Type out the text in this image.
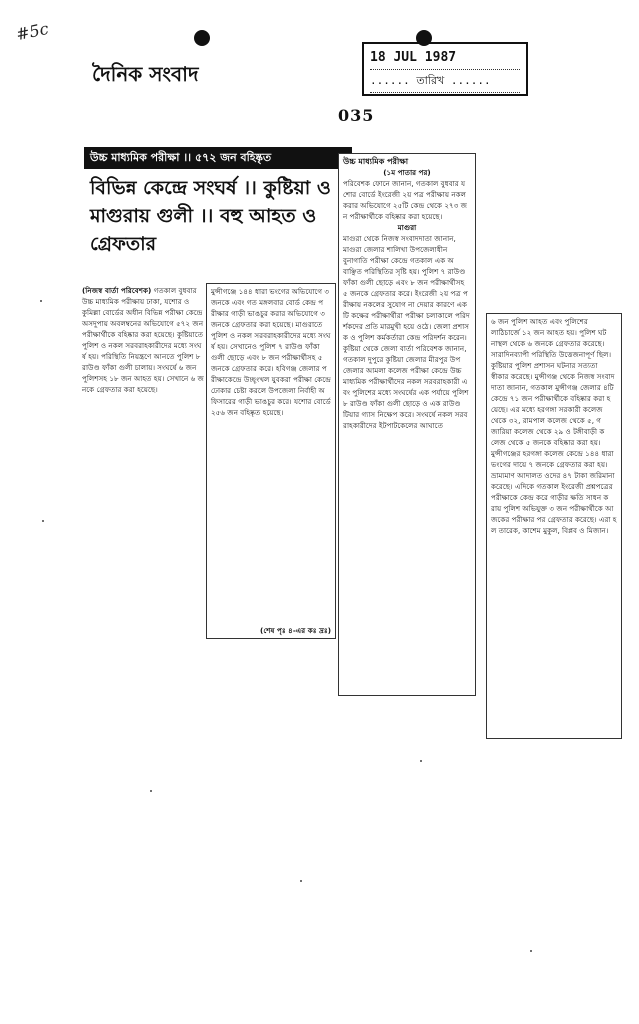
#5c
দৈনিক সংবাদ
18 JUL 1987
...... তারিখ ......
035
উচ্চ মাধ্যমিক পরীক্ষা ।। ৫৭২ জন বহিষ্কৃত
বিভিন্ন কেন্দ্রে সংঘর্ষ ।। কুষ্টিয়া ও মাগুরায় গুলী ।। বহু আহত ও গ্রেফতার
(নিজস্ব বার্তা পরিবেশক) গতকাল বুধবার উচ্চ মাধ্যমিক পরীক্ষায় ঢাকা, যশোর ও কুমিল্লা বোর্ডের অধীন বিভিন্ন পরীক্ষা কেন্দ্রে অসদুপায় অবলম্বনের অভিযোগে ৫৭২ জন পরীক্ষার্থীকে বহিষ্কার করা হয়েছে। কুষ্টিয়াতে পুলিশ ও নকল সরবরাহকারীদের মধ্যে সংঘর্ষ হয়। পরিস্থিতি নিয়ন্ত্রণে আনতে পুলিশ ৮ রাউণ্ড ফাঁকা গুলী চালায়। সংঘর্ষে ৬ জন পুলিশসহ ১৮ জন আহত হয়। সেখানে ৬ জনকে গ্রেফতার করা হয়েছে।
মুন্সীগঞ্জে ১৪৪ ধারা ভংগের অভিযোগে ৩ জনকে এবং গত মঙ্গলবার বোর্ড কেন্দ্র পরীক্ষার গাড়ী ভাঙচুর করার অভিযোগে ৩ জনকে গ্রেফতার করা হয়েছে। মাগুরাতে পুলিশ ও নকল সরবরাহকারীদের মধ্যে সংঘর্ষ হয়। সেখানেও পুলিশ ৭ রাউণ্ড ফাঁকা গুলী ছোড়ে এবং ৮ জন পরীক্ষার্থীসহ ৫ জনকে গ্রেফতার করে। হবিগঞ্জ জেলার পরীক্ষাকেন্দ্রে উচ্ছৃংখল যুবকরা পরীক্ষা কেন্দ্রে ঢোকার চেষ্টা করলে উপজেলা নির্বাহী অফিসারের গাড়ী ভাঙচুর করে। যশোর বোর্ডে ২৫৬ জন বহিষ্কৃত হয়েছে।
(শেষ পৃঃ ৪-এর কঃ দ্রঃ)
উচ্চ মাধ্যমিক পরীক্ষা

(১ম পাতার পর)
পরিবেশক ফোনে জানান, গতকাল বুধবার যশোর বোর্ডে ইংরেজী ২য় পত্র পরীক্ষায় নকল করার অভিযোগে ২৫টি কেন্দ্র থেকে ২৭৩ জন পরীক্ষার্থীকে বহিষ্কার করা হয়েছে।
মাগুরা
মাগুরা থেকে নিজস্ব সংবাদদাতা জানান, মাগুরা জেলার শালিখা উপজেলাধীন বুনাগাতি পরীক্ষা কেন্দ্রে গতকাল এক অবাঞ্ছিত পরিস্থিতির সৃষ্টি হয়। পুলিশ ৭ রাউণ্ড ফাঁকা গুলী ছোড়ে এবং ৮ জন পরীক্ষার্থীসহ ৫ জনকে গ্রেফতার করে। ইংরেজী ২য় পত্র পরীক্ষায় নকলের সুযোগ না দেয়ার কারণে একটি কক্ষের পরীক্ষার্থীরা পরীক্ষা চলাকালে পরিদর্শকদের প্রতি মারমুখী হয়ে ওঠে। জেলা প্রশাসক ও পুলিশ কর্মকর্তারা কেন্দ্র পরিদর্শন করেন। কুষ্টিয়া থেকে জেলা বার্তা পরিবেশক জানান, গতকাল দুপুরে কুষ্টিয়া জেলার মীরপুর উপজেলার আমলা কলেজ পরীক্ষা কেন্দ্রে উচ্চ মাধ্যমিক পরীক্ষার্থীদের নকল সরবরাহকারী এবং পুলিশের মধ্যে সংঘর্ষের এক পর্যায়ে পুলিশ ৮ রাউণ্ড ফাঁকা গুলী ছোড়ে ও এক রাউণ্ড টিয়ার গ্যাস নিক্ষেপ করে। সংঘর্ষে নকল সরবরাহকারীদের ইটপাটকেলের আঘাতে
৬ জন পুলিশ আহত এবং পুলিশের লাঠিচার্জে ১২ জন আহত হয়। পুলিশ ঘটনাস্থল থেকে ৬ জনকে গ্রেফতার করেছে। সারাদিনব্যাপী পরিস্থিতি উত্তেজনাপূর্ণ ছিল। কুষ্টিয়ার পুলিশ প্রশাসন ঘটনার সত্যতা স্বীকার করেছে। মুন্সীগঞ্জ থেকে নিজস্ব সংবাদদাতা জানান, গতকাল মুন্সীগঞ্জ জেলার ৪টি কেন্দ্রে ৭১ জন পরীক্ষার্থীকে বহিষ্কার করা হয়েছে। এর মধ্যে হরগঙ্গা সরকারী কলেজ থেকে ৩২, রামপাল কলেজ থেকে ৫, গজারিয়া কলেজ থেকে ২৯ ও টঙ্গীবাড়ী কলেজ থেকে ৫ জনকে বহিষ্কার করা হয়। মুন্সীগঞ্জের হরগঙ্গা কলেজ কেন্দ্রে ১৪৪ ধারা ভংগের দায়ে ৭ জনকে গ্রেফতার করা হয়। ভ্রাম্যমাণ আদালত ওদের ৪৭ টাকা জরিমানা করেছে। এদিকে গতকাল ইংরেজী প্রশ্নপত্রের পরীক্ষাকে কেন্দ্র করে গাড়ীর ক্ষতি সাধন করায় পুলিশ অভিযুক্ত ৩ জন পরীক্ষার্থীকে আজকের পরীক্ষার পর গ্রেফতার করেছে। এরা হল তারেক, কাশেম মুকুল, বিপ্লব ও মিজান।
